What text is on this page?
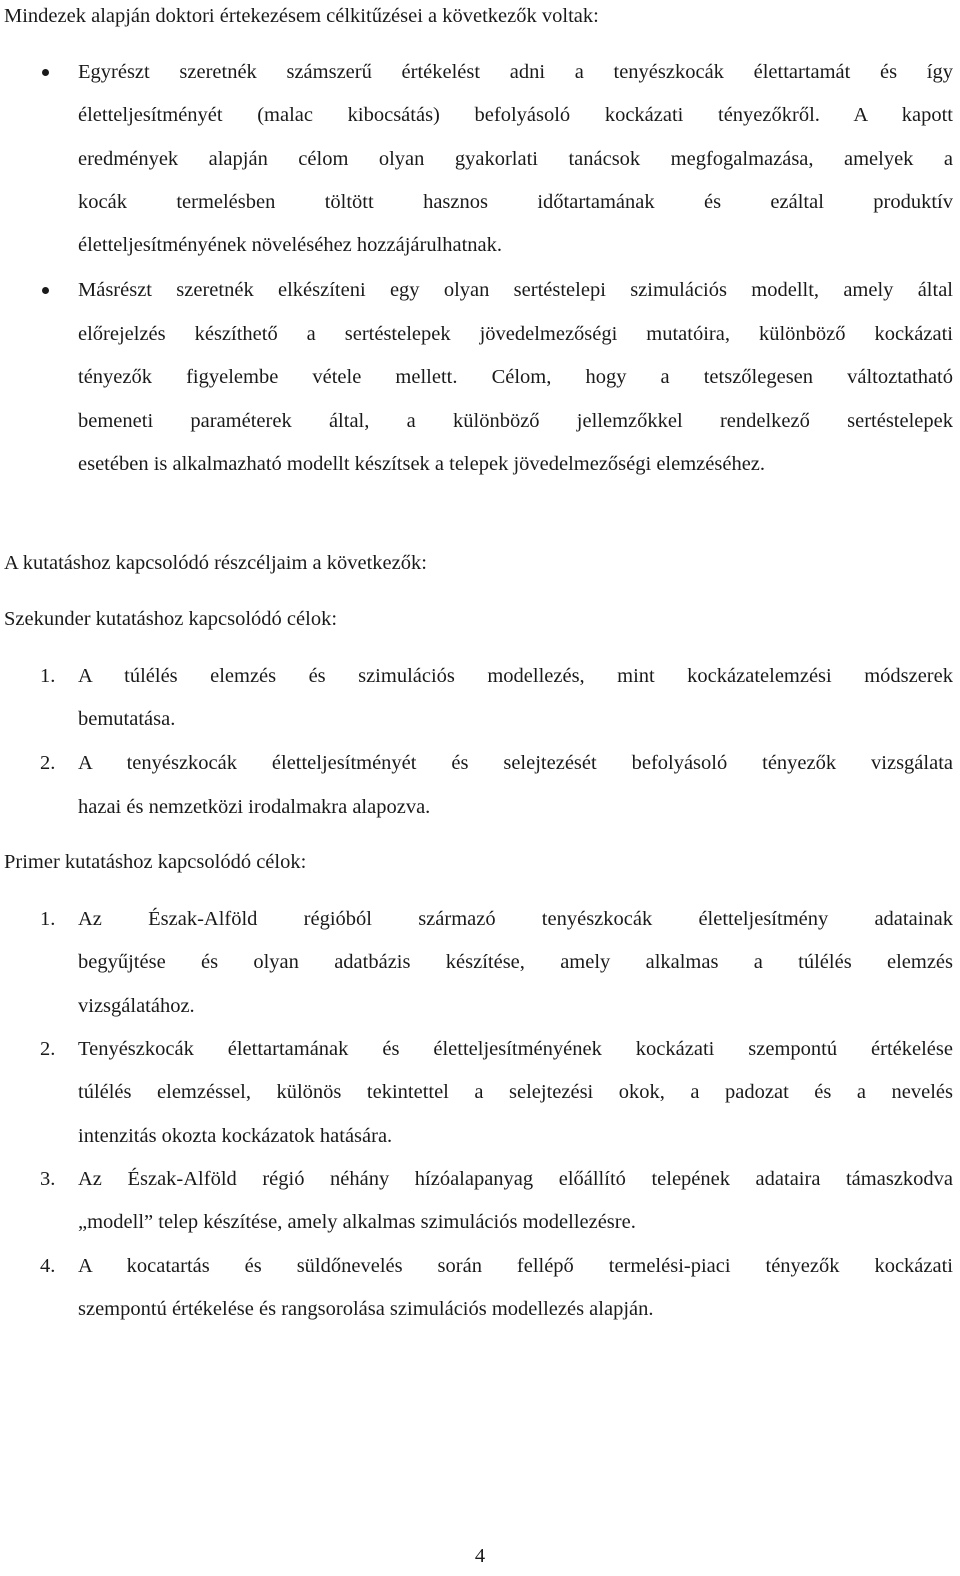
Mindezek alapján doktori értekezésem célkitűzései a következők voltak:
Egyrészt szeretnék számszerű értékelést adni a tenyészkocák élettartamát és így
életteljesítményét (malac kibocsátás) befolyásoló kockázati tényezőkről. A kapott
eredmények alapján célom olyan gyakorlati tanácsok megfogalmazása, amelyek a
kocák termelésben töltött hasznos időtartamának és ezáltal produktív
életteljesítményének növeléséhez hozzájárulhatnak.
Másrészt szeretnék elkészíteni egy olyan sertéstelepi szimulációs modellt, amely által
előrejelzés készíthető a sertéstelepek jövedelmezőségi mutatóira, különböző kockázati
tényezők figyelembe vétele mellett. Célom, hogy a tetszőlegesen változtatható
bemeneti paraméterek által, a különböző jellemzőkkel rendelkező sertéstelepek
esetében is alkalmazható modellt készítsek a telepek jövedelmezőségi elemzéséhez.
A kutatáshoz kapcsolódó részcéljaim a következők:
Szekunder kutatáshoz kapcsolódó célok:
1. A túlélés elemzés és szimulációs modellezés, mint kockázatelemzési módszerek
bemutatása.
2. A tenyészkocák életteljesítményét és selejtezését befolyásoló tényezők vizsgálata
hazai és nemzetközi irodalmakra alapozva.
Primer kutatáshoz kapcsolódó célok:
1. Az Észak-Alföld régióból származó tenyészkocák életteljesítmény adatainak
begyűjtése és olyan adatbázis készítése, amely alkalmas a túlélés elemzés
vizsgálatához.
2. Tenyészkocák élettartamának és életteljesítményének kockázati szempontú értékelése
túlélés elemzéssel, különös tekintettel a selejtezési okok, a padozat és a nevelés
intenzitás okozta kockázatok hatására.
3. Az Észak-Alföld régió néhány hízóalapanyag előállító telepének adataira támaszkodva
„modell” telep készítése, amely alkalmas szimulációs modellezésre.
4. A kocatartás és süldőnevelés során fellépő termelési-piaci tényezők kockázati
szempontú értékelése és rangsorolása szimulációs modellezés alapján.
4
